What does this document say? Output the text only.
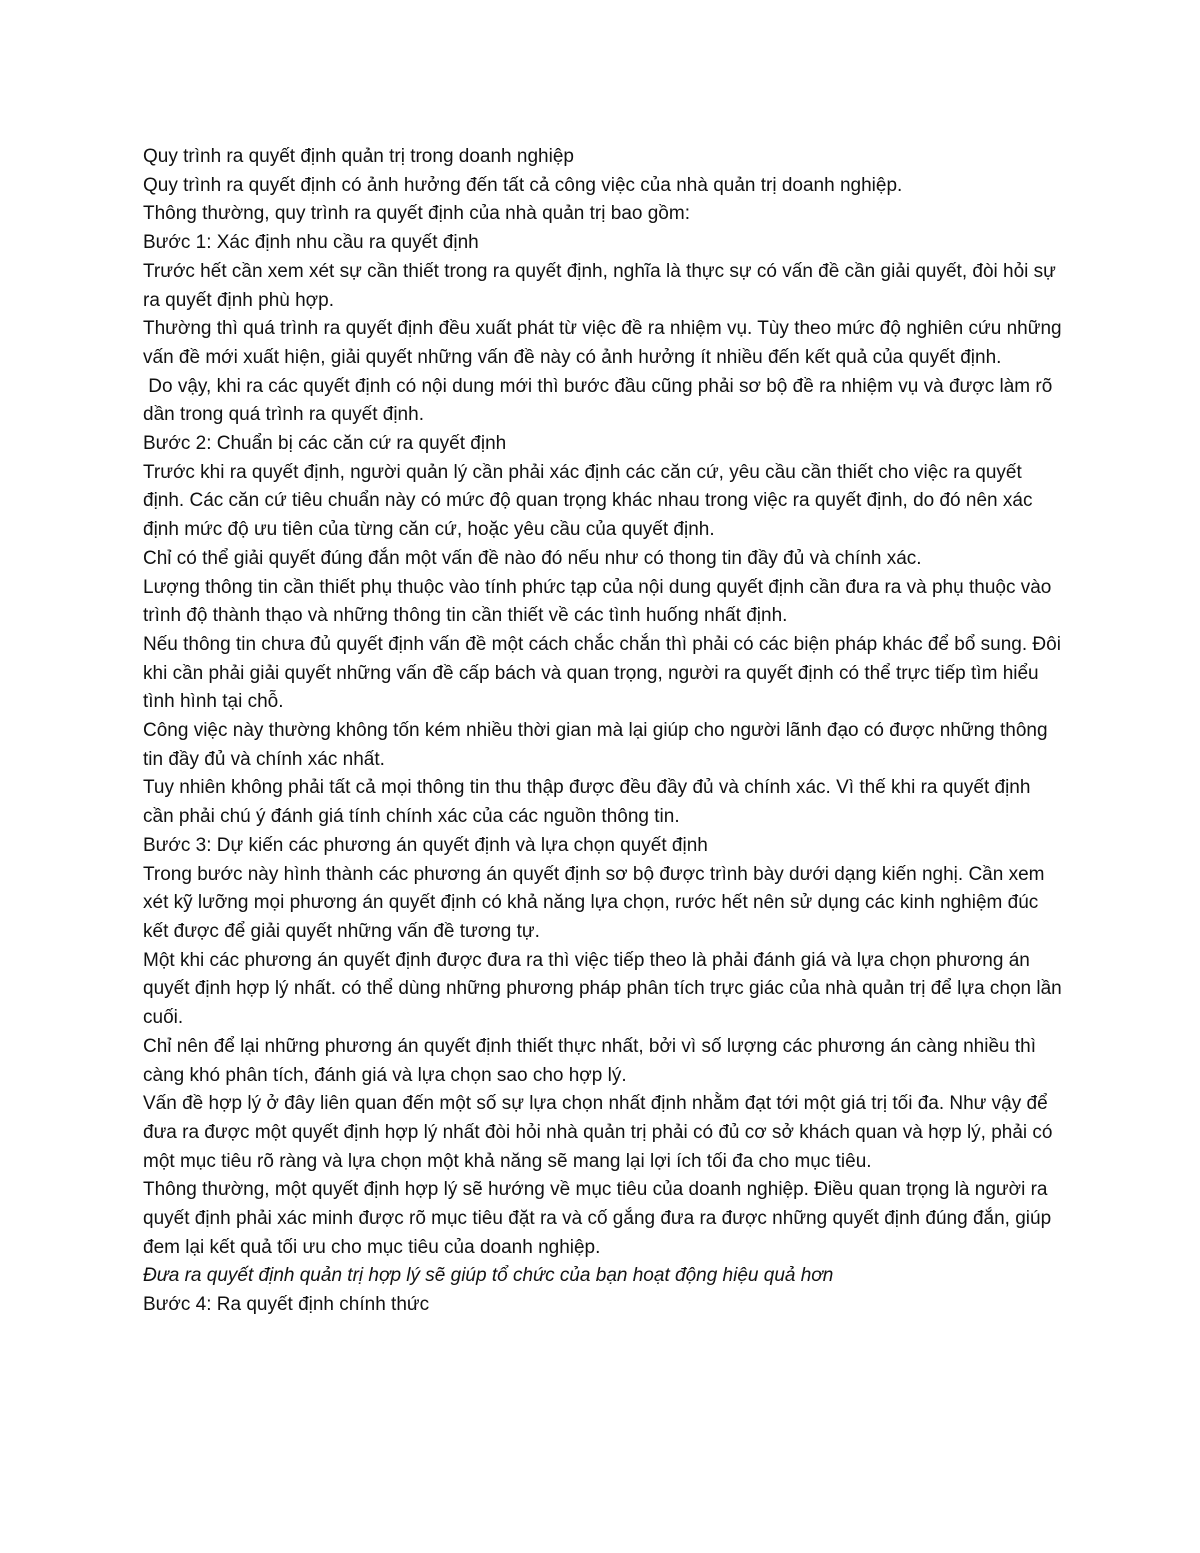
Quy trình ra quyết định quản trị trong doanh nghiệp

Quy trình ra quyết định có ảnh hưởng đến tất cả công việc của nhà quản trị doanh nghiệp.

Thông thường, quy trình ra quyết định của nhà quản trị bao gồm:

Bước 1: Xác định nhu cầu ra quyết định

Trước hết cần xem xét sự cần thiết trong ra quyết định, nghĩa là thực sự có vấn đề cần giải quyết, đòi hỏi sự ra quyết định phù hợp.

Thường thì quá trình ra quyết định đều xuất phát từ việc đề ra nhiệm vụ. Tùy theo mức độ nghiên cứu những vấn đề mới xuất hiện, giải quyết những vấn đề này có ảnh hưởng ít nhiều đến kết quả của quyết định.

Do vậy, khi ra các quyết định có nội dung mới thì bước đầu cũng phải sơ bộ đề ra nhiệm vụ và được làm rõ dần trong quá trình ra quyết định.

Bước 2: Chuẩn bị các căn cứ ra quyết định

Trước khi ra quyết định, người quản lý cần phải xác định các căn cứ, yêu cầu cần thiết cho việc ra quyết định. Các căn cứ tiêu chuẩn này có mức độ quan trọng khác nhau trong việc ra quyết định, do đó nên xác định mức độ ưu tiên của từng căn cứ, hoặc yêu cầu của quyết định.

Chỉ có thể giải quyết đúng đắn một vấn đề nào đó nếu như có thong tin đầy đủ và chính xác.

Lượng thông tin cần thiết phụ thuộc vào tính phức tạp của nội dung quyết định cần đưa ra và phụ thuộc vào trình độ thành thạo và những thông tin cần thiết về các tình huống nhất định.

Nếu thông tin chưa đủ quyết định vấn đề một cách chắc chắn thì phải có các biện pháp khác để bổ sung. Đôi khi cần phải giải quyết những vấn đề cấp bách và quan trọng, người ra quyết định có thể trực tiếp tìm hiểu tình hình tại chỗ.

Công việc này thường không tốn kém nhiều thời gian mà lại giúp cho người lãnh đạo có được những thông tin đầy đủ và chính xác nhất.

Tuy nhiên không phải tất cả mọi thông tin thu thập được đều đầy đủ và chính xác. Vì thế khi ra quyết định cần phải chú ý đánh giá tính chính xác của các nguồn thông tin.

Bước 3: Dự kiến các phương án quyết định và lựa chọn quyết định

Trong bước này hình thành các phương án quyết định sơ bộ được trình bày dưới dạng kiến nghị. Cần xem xét kỹ lưỡng mọi phương án quyết định có khả năng lựa chọn, rước hết nên sử dụng các kinh nghiệm đúc kết được để giải quyết những vấn đề tương tự.

Một khi các phương án quyết định được đưa ra thì việc tiếp theo là phải đánh giá và lựa chọn phương án quyết định hợp lý nhất. có thể dùng những phương pháp phân tích trực giác của nhà quản trị để lựa chọn lần cuối.

Chỉ nên để lại những phương án quyết định thiết thực nhất, bởi vì số lượng các phương án càng nhiều thì càng khó phân tích, đánh giá và lựa chọn sao cho hợp lý.

Vấn đề hợp lý ở đây liên quan đến một số sự lựa chọn nhất định nhằm đạt tới một giá trị tối đa. Như vậy để đưa ra được một quyết định hợp lý nhất đòi hỏi nhà quản trị phải có đủ cơ sở khách quan và hợp lý, phải có một mục tiêu rõ ràng và lựa chọn một khả năng sẽ mang lại lợi ích tối đa cho mục tiêu.

Thông thường, một quyết định hợp lý sẽ hướng về mục tiêu của doanh nghiệp. Điều quan trọng là người ra quyết định phải xác minh được rõ mục tiêu đặt ra và cố gắng đưa ra được những quyết định đúng đắn, giúp đem lại kết quả tối ưu cho mục tiêu của doanh nghiệp.

Đưa ra quyết định quản trị hợp lý sẽ giúp tổ chức của bạn hoạt động hiệu quả hơn

Bước 4: Ra quyết định chính thức
